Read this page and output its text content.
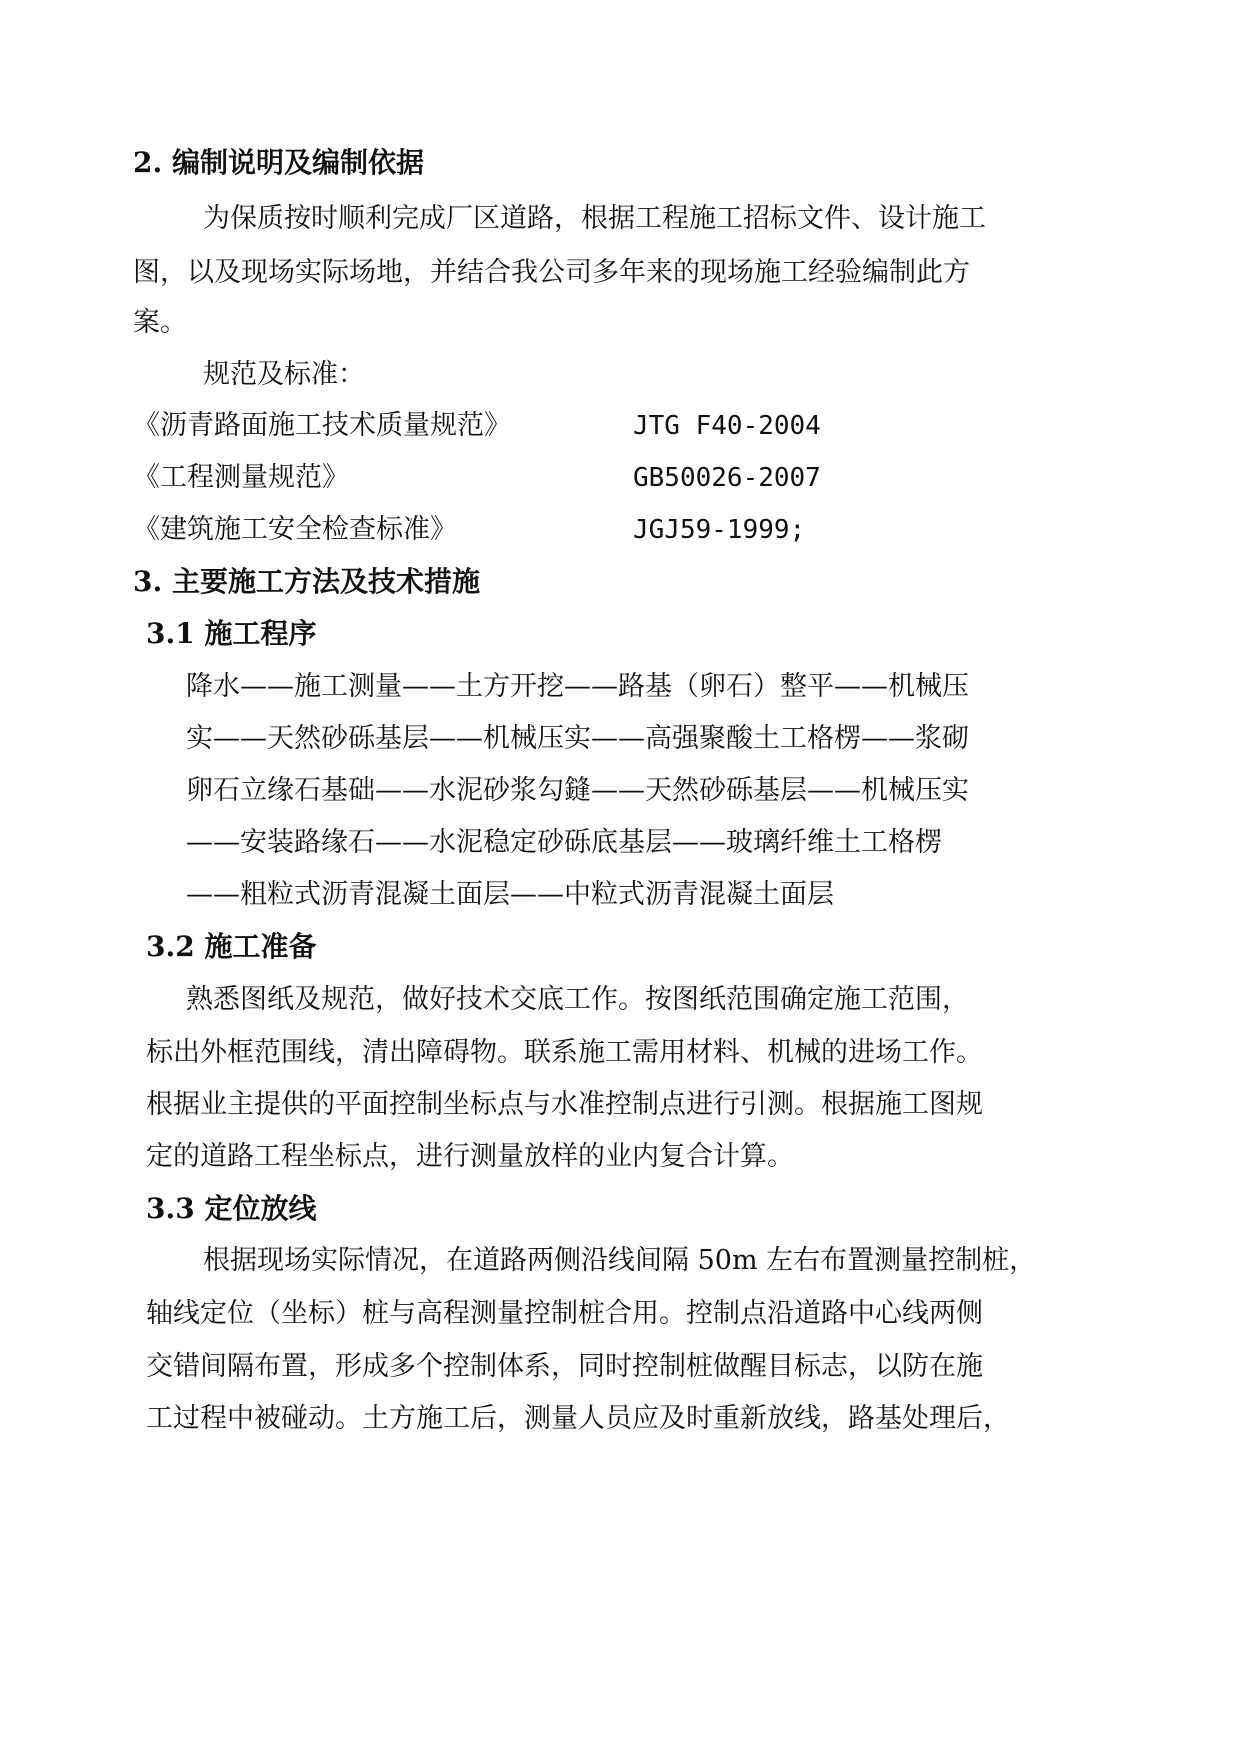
2. 编制说明及编制依据
为保质按时顺利完成厂区道路，根据工程施工招标文件、设计施工
图，以及现场实际场地，并结合我公司多年来的现场施工经验编制此方
案。
规范及标准：
《沥青路面施工技术质量规范》	JTG F40-2004
《工程测量规范》	GB50026-2007
《建筑施工安全检查标准》	JGJ59-1999;
3. 主要施工方法及技术措施
3.1 施工程序
降水——施工测量——土方开挖——路基（卵石）整平——机械压
实——天然砂砾基层——机械压实——高强聚酸土工格楞——浆砌
卵石立缘石基础——水泥砂浆勾鏠——天然砂砾基层——机械压实
——安装路缘石——水泥稳定砂砾底基层——玻璃纤维土工格楞
——粗粒式沥青混凝土面层——中粒式沥青混凝土面层
3.2 施工准备
熟悉图纸及规范，做好技术交底工作。按图纸范围确定施工范围，
标出外框范围线，清出障碍物。联系施工需用材料、机械的进场工作。
根据业主提供的平面控制坐标点与水准控制点进行引测。根据施工图规
定的道路工程坐标点，进行测量放样的业内复合计算。
3.3 定位放线
根据现场实际情况，在道路两侧沿线间隔 50m 左右布置测量控制桩，
轴线定位（坐标）桩与高程测量控制桩合用。控制点沿道路中心线两侧
交错间隔布置，形成多个控制体系，同时控制桩做醒目标志，以防在施
工过程中被碰动。土方施工后，测量人员应及时重新放线，路基处理后，
